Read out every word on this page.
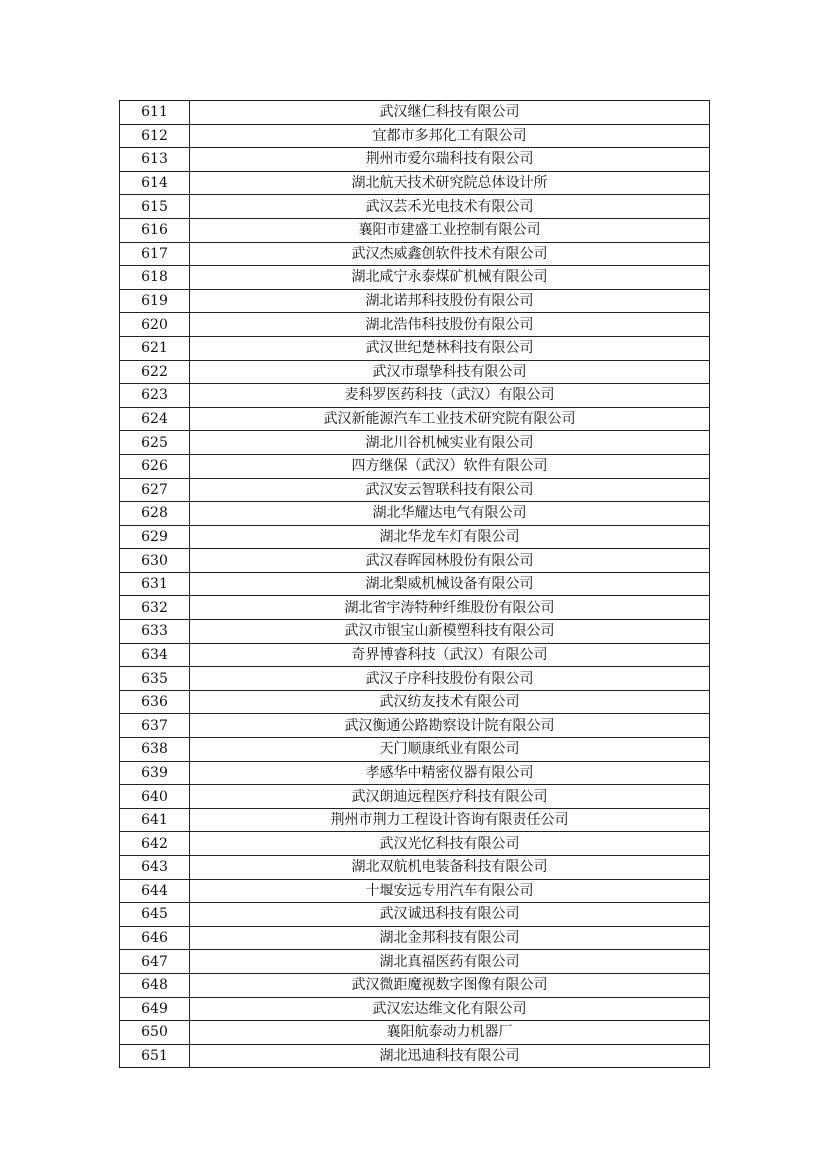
611	武汉继仁科技有限公司
612	宜都市多邦化工有限公司
613	荆州市爱尔瑞科技有限公司
614	湖北航天技术研究院总体设计所
615	武汉芸禾光电技术有限公司
616	襄阳市建盛工业控制有限公司
617	武汉杰威鑫创软件技术有限公司
618	湖北咸宁永泰煤矿机械有限公司
619	湖北诺邦科技股份有限公司
620	湖北浩伟科技股份有限公司
621	武汉世纪楚林科技有限公司
622	武汉市璟挚科技有限公司
623	麦科罗医药科技（武汉）有限公司
624	武汉新能源汽车工业技术研究院有限公司
625	湖北川谷机械实业有限公司
626	四方继保（武汉）软件有限公司
627	武汉安云智联科技有限公司
628	湖北华耀达电气有限公司
629	湖北华龙车灯有限公司
630	武汉春晖园林股份有限公司
631	湖北梨威机械设备有限公司
632	湖北省宇涛特种纤维股份有限公司
633	武汉市银宝山新模塑科技有限公司
634	奇界博睿科技（武汉）有限公司
635	武汉子序科技股份有限公司
636	武汉纺友技术有限公司
637	武汉衡通公路勘察设计院有限公司
638	天门顺康纸业有限公司
639	孝感华中精密仪器有限公司
640	武汉朗迪远程医疗科技有限公司
641	荆州市荆力工程设计咨询有限责任公司
642	武汉光忆科技有限公司
643	湖北双航机电装备科技有限公司
644	十堰安远专用汽车有限公司
645	武汉诚迅科技有限公司
646	湖北金邦科技有限公司
647	湖北真福医药有限公司
648	武汉微距魔视数字图像有限公司
649	武汉宏达维文化有限公司
650	襄阳航泰动力机器厂
651	湖北迅迪科技有限公司
